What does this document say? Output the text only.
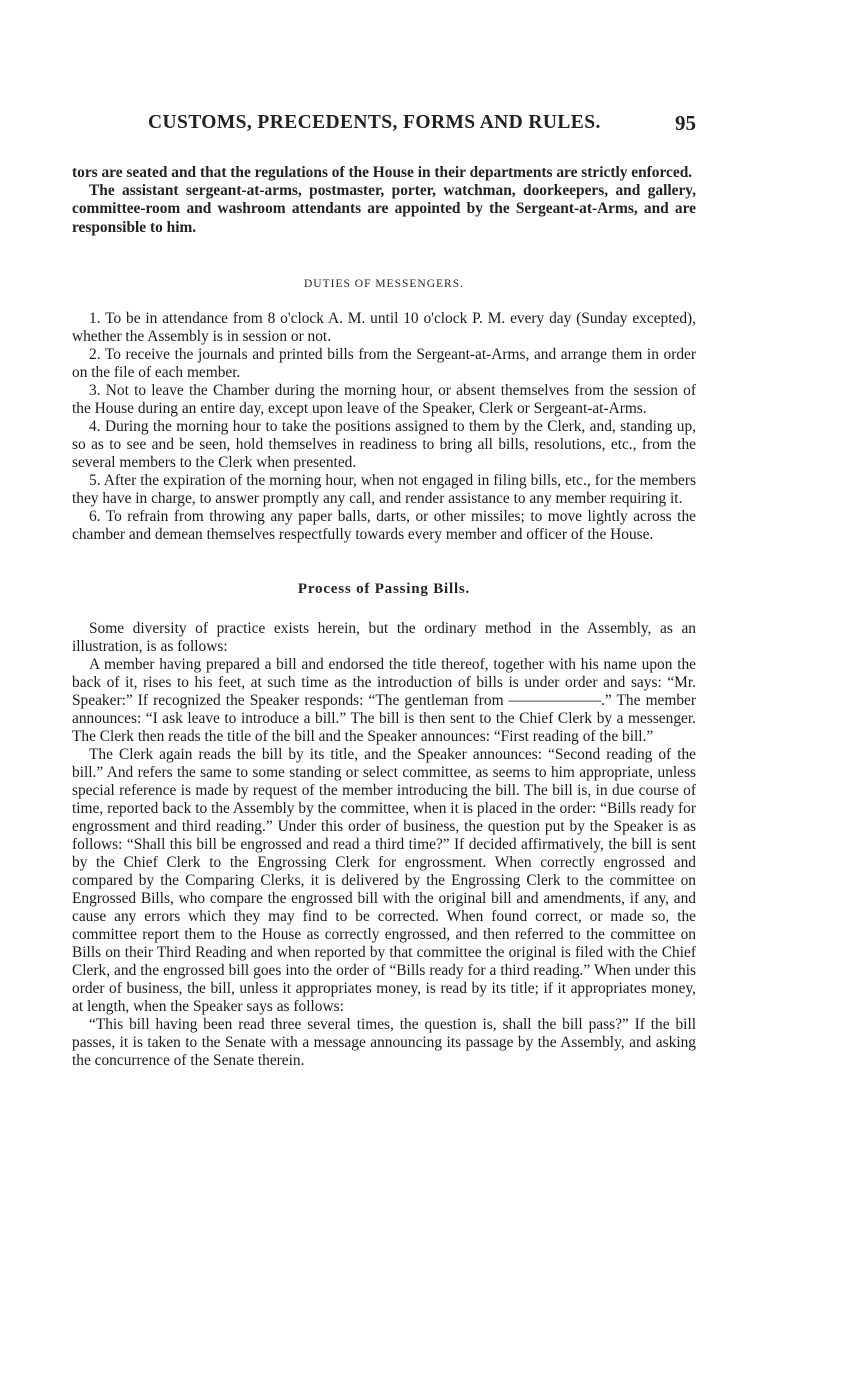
CUSTOMS, PRECEDENTS, FORMS AND RULES.	95

tors are seated and that the regulations of the House in their departments are strictly enforced.

The assistant sergeant-at-arms, postmaster, porter, watchman, doorkeepers, and gallery, committee-room and washroom attendants are appointed by the Sergeant-at-Arms, and are responsible to him.

DUTIES OF MESSENGERS.

1. To be in attendance from 8 o'clock A. M. until 10 o'clock P. M. every day (Sunday excepted), whether the Assembly is in session or not.

2. To receive the journals and printed bills from the Sergeant-at-Arms, and arrange them in order on the file of each member.

3. Not to leave the Chamber during the morning hour, or absent themselves from the session of the House during an entire day, except upon leave of the Speaker, Clerk or Sergeant-at-Arms.

4. During the morning hour to take the positions assigned to them by the Clerk, and, standing up, so as to see and be seen, hold themselves in readiness to bring all bills, resolutions, etc., from the several members to the Clerk when presented.

5. After the expiration of the morning hour, when not engaged in filing bills, etc., for the members they have in charge, to answer promptly any call, and render assistance to any member requiring it.

6. To refrain from throwing any paper balls, darts, or other missiles; to move lightly across the chamber and demean themselves respectfully towards every member and officer of the House.

Process of Passing Bills.

Some diversity of practice exists herein, but the ordinary method in the Assembly, as an illustration, is as follows:

A member having prepared a bill and endorsed the title thereof, together with his name upon the back of it, rises to his feet, at such time as the introduction of bills is under order and says: “Mr. Speaker:” If recognized the Speaker responds: “The gentleman from ——————.” The member announces: “I ask leave to introduce a bill.” The bill is then sent to the Chief Clerk by a messenger. The Clerk then reads the title of the bill and the Speaker announces: “First reading of the bill.”

The Clerk again reads the bill by its title, and the Speaker announces: “Second reading of the bill.” And refers the same to some standing or select committee, as seems to him appropriate, unless special reference is made by request of the member introducing the bill. The bill is, in due course of time, reported back to the Assembly by the committee, when it is placed in the order: “Bills ready for engrossment and third reading.” Under this order of business, the question put by the Speaker is as follows: “Shall this bill be engrossed and read a third time?” If decided affirmatively, the bill is sent by the Chief Clerk to the Engrossing Clerk for engrossment. When correctly engrossed and compared by the Comparing Clerks, it is delivered by the Engrossing Clerk to the committee on Engrossed Bills, who compare the engrossed bill with the original bill and amendments, if any, and cause any errors which they may find to be corrected. When found correct, or made so, the committee report them to the House as correctly engrossed, and then referred to the committee on Bills on their Third Reading and when reported by that committee the original is filed with the Chief Clerk, and the engrossed bill goes into the order of “Bills ready for a third reading.” When under this order of business, the bill, unless it appropriates money, is read by its title; if it appropriates money, at length, when the Speaker says as follows:

“This bill having been read three several times, the question is, shall the bill pass?” If the bill passes, it is taken to the Senate with a message announcing its passage by the Assembly, and asking the concurrence of the Senate therein.
